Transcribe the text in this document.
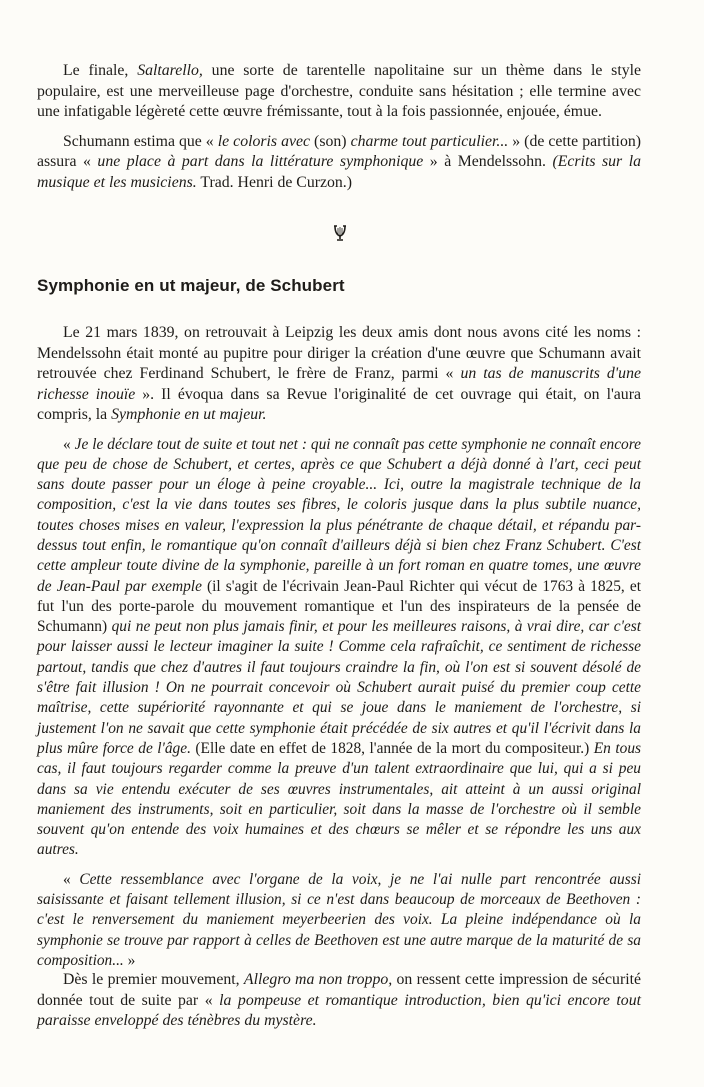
Le finale, Saltarello, une sorte de tarentelle napolitaine sur un thème dans le style populaire, est une merveilleuse page d'orchestre, conduite sans hésitation ; elle termine avec une infatigable légèreté cette œuvre frémissante, tout à la fois passionnée, enjouée, émue.

Schumann estima que « le coloris avec (son) charme tout particulier... » (de cette partition) assura « une place à part dans la littérature symphonique » à Mendelssohn. (Ecrits sur la musique et les musiciens. Trad. Henri de Curzon.)

Symphonie en ut majeur, de Schubert

Le 21 mars 1839, on retrouvait à Leipzig les deux amis dont nous avons cité les noms : Mendelssohn était monté au pupitre pour diriger la création d'une œuvre que Schumann avait retrouvée chez Ferdinand Schubert, le frère de Franz, parmi « un tas de manuscrits d'une richesse inouïe ». Il évoqua dans sa Revue l'originalité de cet ouvrage qui était, on l'aura compris, la Symphonie en ut majeur.

« Je le déclare tout de suite et tout net : qui ne connaît pas cette symphonie ne connaît encore que peu de chose de Schubert, et certes, après ce que Schubert a déjà donné à l'art, ceci peut sans doute passer pour un éloge à peine croyable... Ici, outre la magistrale technique de la composition, c'est la vie dans toutes ses fibres, le coloris jusque dans la plus subtile nuance, toutes choses mises en valeur, l'expression la plus pénétrante de chaque détail, et répandu par-dessus tout enfin, le romantique qu'on connaît d'ailleurs déjà si bien chez Franz Schubert. C'est cette ampleur toute divine de la symphonie, pareille à un fort roman en quatre tomes, une œuvre de Jean-Paul par exemple (il s'agit de l'écrivain Jean-Paul Richter qui vécut de 1763 à 1825, et fut l'un des porte-parole du mouvement romantique et l'un des inspirateurs de la pensée de Schumann) qui ne peut non plus jamais finir, et pour les meilleures raisons, à vrai dire, car c'est pour laisser aussi le lecteur imaginer la suite ! Comme cela rafraîchit, ce sentiment de richesse partout, tandis que chez d'autres il faut toujours craindre la fin, où l'on est si souvent désolé de s'être fait illusion ! On ne pourrait concevoir où Schubert aurait puisé du premier coup cette maîtrise, cette supériorité rayonnante et qui se joue dans le maniement de l'orchestre, si justement l'on ne savait que cette symphonie était précédée de six autres et qu'il l'écrivit dans la plus mûre force de l'âge. (Elle date en effet de 1828, l'année de la mort du compositeur.) En tous cas, il faut toujours regarder comme la preuve d'un talent extraordinaire que lui, qui a si peu dans sa vie entendu exécuter de ses œuvres instrumentales, ait atteint à un aussi original maniement des instruments, soit en particulier, soit dans la masse de l'orchestre où il semble souvent qu'on entende des voix humaines et des chœurs se mêler et se répondre les uns aux autres.

« Cette ressemblance avec l'organe de la voix, je ne l'ai nulle part rencontrée aussi saisissante et faisant tellement illusion, si ce n'est dans beaucoup de morceaux de Beethoven : c'est le renversement du maniement meyerbeerien des voix. La pleine indépendance où la symphonie se trouve par rapport à celles de Beethoven est une autre marque de la maturité de sa composition... »

Dès le premier mouvement, Allegro ma non troppo, on ressent cette impression de sécurité donnée tout de suite par « la pompeuse et romantique introduction, bien qu'ici encore tout paraisse enveloppé des ténèbres du mystère.
